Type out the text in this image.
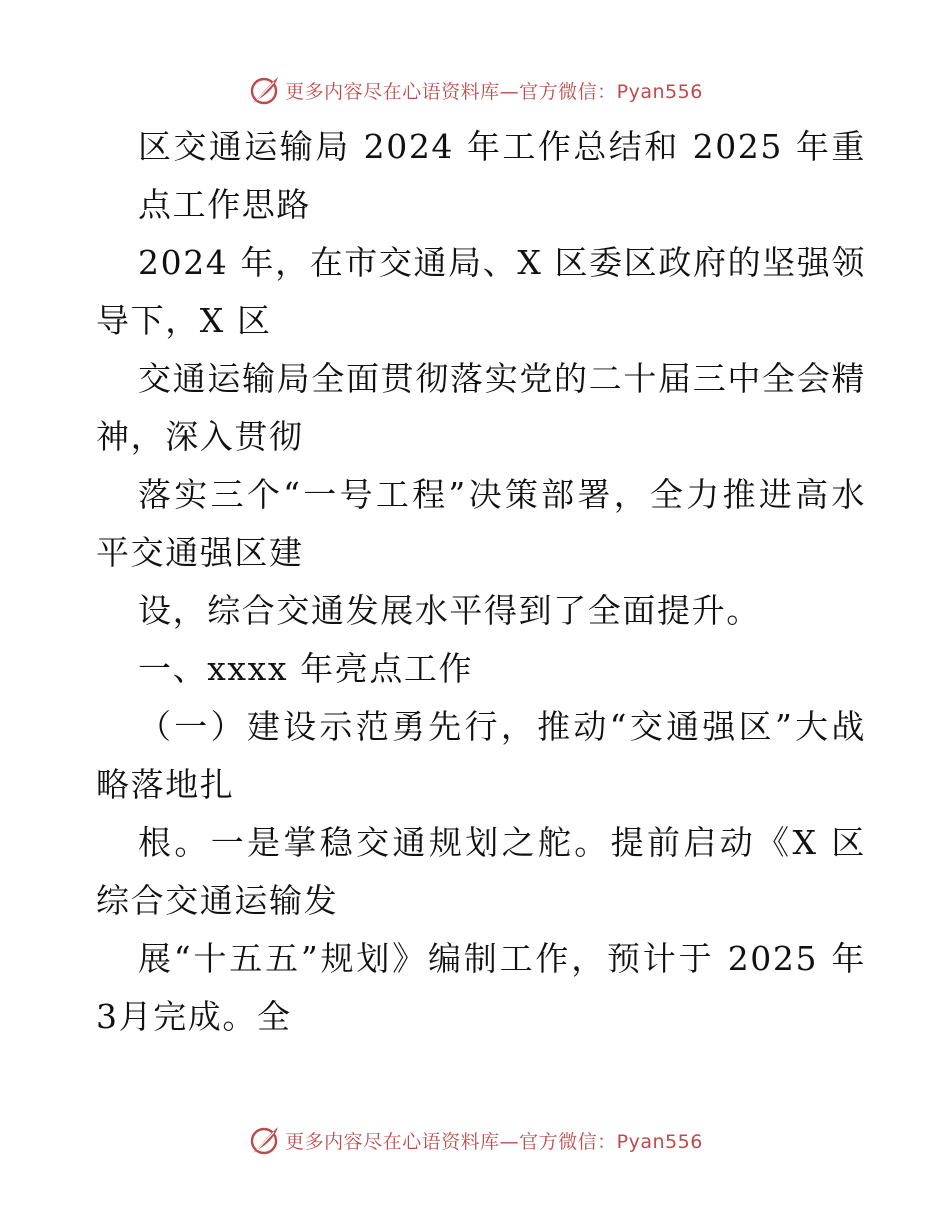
更多内容尽在心语资料库—官方微信：Pyan556

区交通运输局 2024 年工作总结和 2025 年重点工作思路

2024 年，在市交通局、X 区委区政府的坚强领导下，X 区

交通运输局全面贯彻落实党的二十届三中全会精神，深入贯彻

落实三个“一号工程”决策部署，全力推进高水平交通强区建

设，综合交通发展水平得到了全面提升。

一、xxxx 年亮点工作

（一）建设示范勇先行，推动“交通强区”大战略落地扎

根。一是掌稳交通规划之舵。提前启动《X 区综合交通运输发

展“十五五”规划》编制工作，预计于 2025 年 3月完成。全

更多内容尽在心语资料库—官方微信：Pyan556
